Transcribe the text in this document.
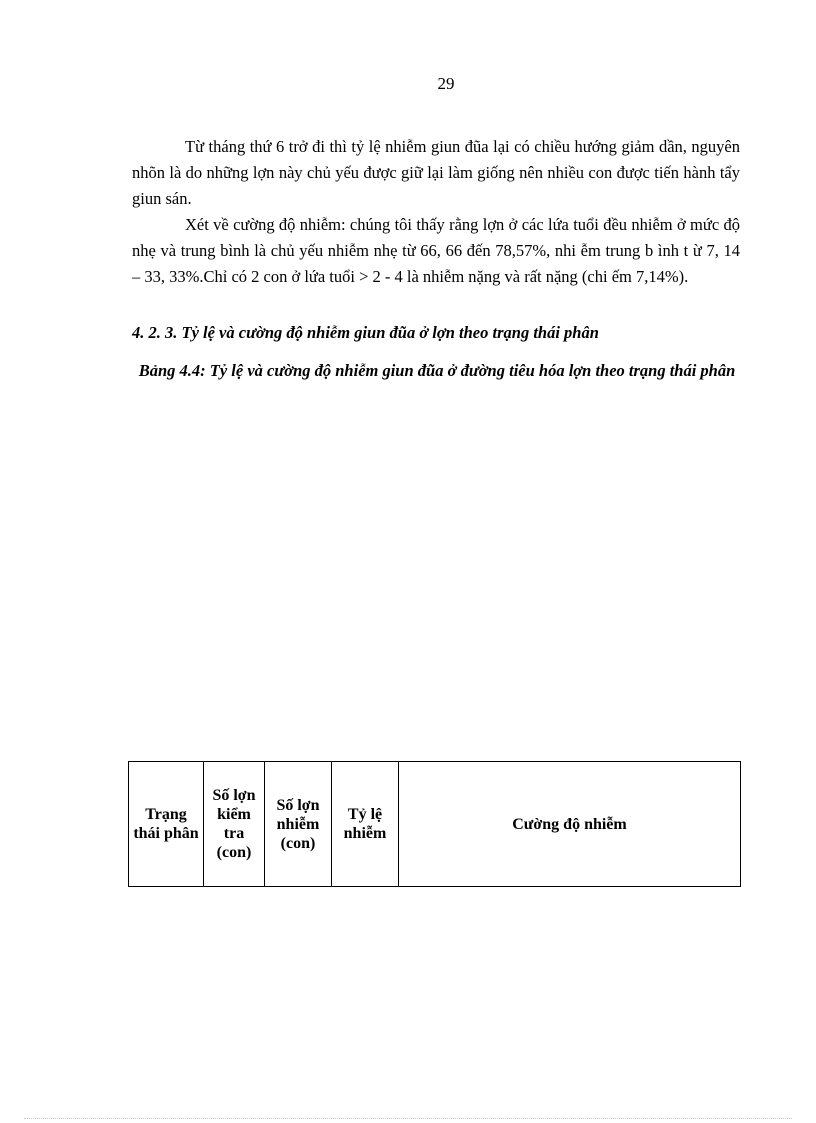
29

Từ tháng thứ 6 trở đi thì tỷ lệ nhiễm giun đũa lại có chiều hướng giảm dần, nguyên nhõn là do những lợn này chủ yếu được giữ lại làm giống nên nhiều con được tiến hành tẩy giun sán.

Xét về cường độ nhiễm: chúng tôi thấy rằng lợn ở các lứa tuổi đều nhiễm ở mức độ nhẹ và trung bình là chủ yếu nhiễm nhẹ từ 66, 66 đến 78,57%, nhi ễm trung b ình t ừ 7, 14 – 33, 33%.Chỉ có 2 con ở lứa tuổi > 2 - 4 là nhiễm nặng và rất nặng (chi ếm 7,14%).

4. 2. 3. Tỷ lệ và cường độ nhiễm giun đũa ở lợn theo trạng thái phân
Bảng 4.4: Tỷ lệ và cường độ nhiễm giun đũa ở đường tiêu hóa lợn theo trạng thái phân
Trạng thái phân	Số lợn kiểm tra (con)	Số lợn nhiễm (con)	Tỷ lệ nhiễm	Cường độ nhiễm
